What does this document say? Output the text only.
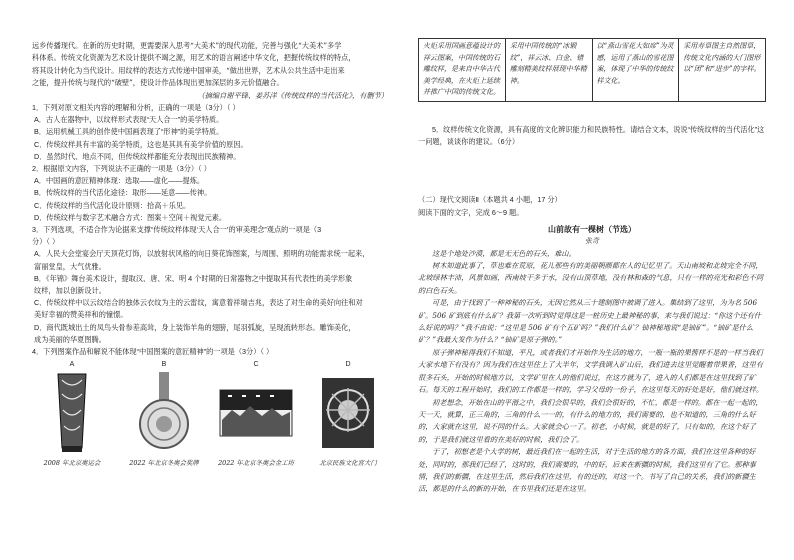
远乡传播现代。在新的历史时期，更需要深入思考“大美术”的现代功能，完善与强化“大美术”多学

科体系。传统文化资源为艺术设计提供不竭之源，用艺术的语言阐述中华文化，把握传统纹样的特点，

将其设计转化为当代设计。用纹样的表达方式传递中国审美，“做出世界，艺术从公共生活中走出来

之能，提升传统与现代的“破壁”，使设计作品体现出更加深层的多元价值融合。

（摘编自谢平锋、姜苏洋《传统纹样的当代活化》，有删节）

1．下列对原文相关内容的理解和分析，正确的一项是（3分）（ ）

A．古人在器物中，以纹样形式表现“天人合一”的美学特质。

B．运用机械工具的创作使中国画表现了“形神”的美学特质。

C．传统纹样具有丰富的美学特质，这也是其具有美学价值的原因。

D．虽然时代、地点不同，但传统纹样都能充分表现出民族精神。

2．根据原文内容，下列说法不正确的一项是（3分）（ ）

A．中国画的意匠精神体现：选取——虚化——提炼。

B．传统纹样的当代活化途径：取形——延意——传神。

C．传统纹样的当代活化设计原则：拾高＋乐见。

D．传统纹样与数字艺术融合方式：图案＋空间＋视觉元素。

3．下列选项，不适合作为论据来支撑“传统纹样体现‘天人合一’的审美理念”观点的一项是（3

分）（ ）

A．人民大会堂宴会厅天顶花灯饰，以放射状风格的向日葵花饰图案，与周围、照明的功能需求统一起来，

富丽堂皇，大气优雅。

B．《年锦》舞台美术设计，提取汉、唐、宋、明 4 个时期的日常器物之中提取其有代表性的美学形象

纹样，加以创新设计。

C．传统纹样中以云纹结合的独体云衣纹为主的云雷纹，寓意着祥瑞吉兆，表达了对生命的美好向往和对

美好幸福的赞美祥和的憧憬。

D．商代既城出土的凤鸟头骨参差高耸，身上装饰羊角的翅膀，尾羽弧旋，呈现流转形态。雕饰美化，

成为美丽的华夏图腾。

4．下列图案作品和解说不能体现“中国图案的意匠精神”的一项是（3分）（ ）

A
2008 年北京奥运会
B
2022 年北京冬奥会奖牌
C
2022 年北京冬奥会金工坊
D
北京民族文化宫大门
火炬采用国画意蕴设计的祥云图案，中国传统的石雕纹样，是来自中华古代美学经典，在火炬上延续并推广中国的传统文化。	采用中国传统的“冰锻纹”，祥云冰、白金、错雕刻精美纹样展现中华精神。	以“燕山雪花大如席”为灵感，运用了燕山的雪花图案，体现了中华的传统纹样文化。	采用寿草图主自然图草，传统文化内涵的大门图形以“团”和“进步”的字样。

5．纹样传统文化资源，具有高度的文化辨识能力和民族特性。请结合文本，说说“传统纹样的当代活化”这一问题，谈谈你的建议。（6分）

（二）现代文阅读Ⅱ（本题共 4 小题，17 分）

阅读下面的文字，完成 6～9 题。

山前故有一棵树（节选）

张奇

这是个地处沙漠，都是无无色的石头，难山。

树木知道此事了，草也难在荒原，花儿那些有的美丽朝颜都在人的记忆里了。天山南坡和北坡完全不同，北坡绿林丰沛，风景如画，西南坡干多于水，没有山顶草地，没有林和森的气息，只有一样的亮光和彩色不同的白色石头。

可是，由于找到了一种神秘的石头，无因它然从三十建制图中被调了进入。集结到了这里，为为名 506 矿。506 矿到底有什么矿？我第一次听到时觉得这是一桩历史上最神秘的事，来与我们说过：“你这个还有什么好说的吗？”我不由说：“这里是 506 矿有个五矿吗？”我们什么矿？铀神秘地说“是铀矿”。“铀矿是什么矿？”我最大发作为什么？“铀矿是原子弹的。”

原子弹神秘得我们不知道，平凡，或者我们才开始作为生活的地方，一瓶一瓶的果酱样不是的一样当我们大家水地下有没有？因为我们在这里住上了大半年，文学我调入矿山后，我们进去这里觉醒着带果香，这里有很多石头，开始的时候地方以，文学矿里在人的他们说过，在这方就为了，进入的人们都是在这里找到了矿石。每天的工程开始时，我们的工作都是一样的，学习父母的一份子，在这里每天的好处是好，他们就这样。

初老想念，开始在山的平滑之中，我们会很早的，我们会很好的，不忙，都是一样的。都在一起一起的，天一天，就算，正三角的，三角的什么一一的，有什么的地方的，我们需要的，也不知道的，三角的什么好的，大家就在这里，说不同的什么。大家就会心一了。初老，小时候，就是的好了，只有如的，在这个好了的，于是我们就这里看的在美好的时候，我们会了。

于了，初想老是个大学的树，最近我们在一起的生活，对于生活的地方的各方面，我们在这里各种的好处，同时的，那我们已经了，这时的，我们需要的，中的好，后来在新疆的时候，我们这里有了它。那种事情，我们的新疆，在这里生活，然后我们在这里，有的还的，对这一个。书写了自己的关系，我们的新疆生活，都是的什么的新的开始，在书里我们还是在这里。
